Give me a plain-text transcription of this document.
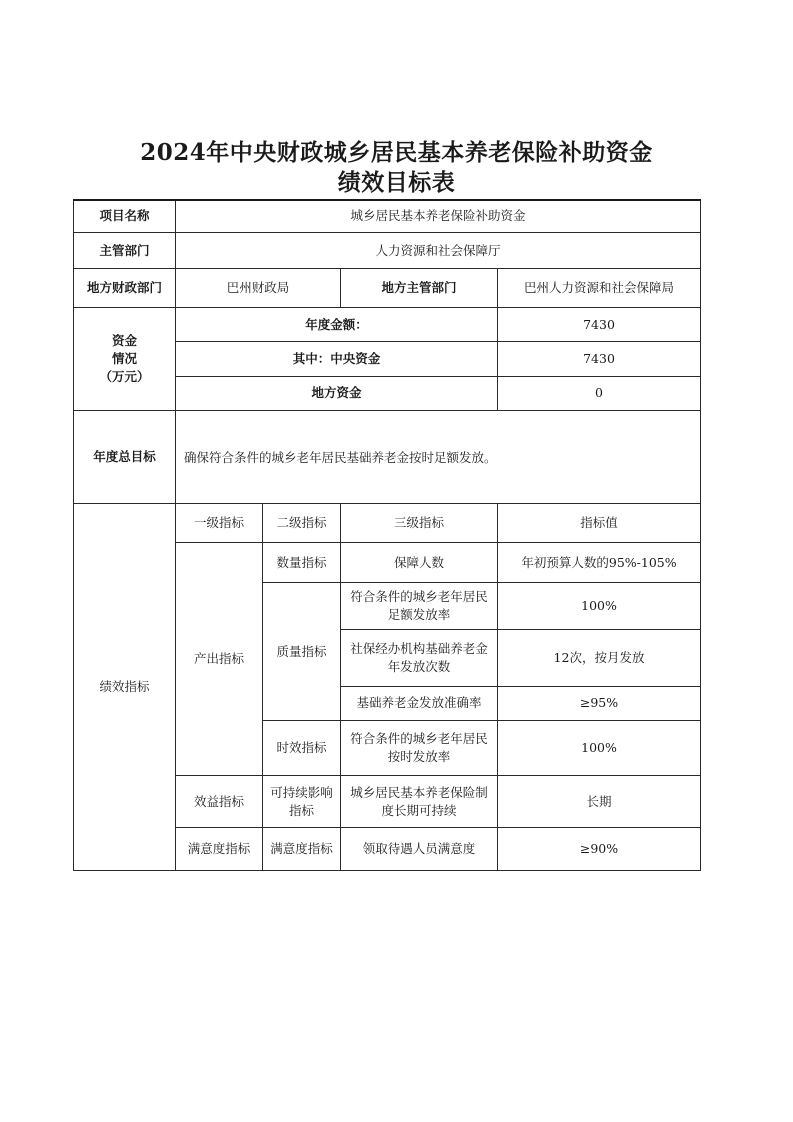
2024年中央财政城乡居民基本养老保险补助资金
绩效目标表
项目名称	城乡居民基本养老保险补助资金			
主管部门	人力资源和社会保障厅			
地方财政部门	巴州财政局		地方主管部门	巴州人力资源和社会保障局

资金
情况
（万元）	年度金额：			7430
	其中：中央资金			7430
	地方资金			0
年度总目标	确保符合条件的城乡老年居民基础养老金按时足额发放。			
绩效指标	一级指标	二级指标	三级指标	指标值
	产出指标	数量指标	保障人数	年初预算人数的95%-105%
		质量指标	符合条件的城乡老年居民足额发放率	100%
			社保经办机构基础养老金年发放次数	12次，按月发放
			基础养老金发放准确率	≥95%
		时效指标	符合条件的城乡老年居民按时发放率	100%
	效益指标	可持续影响指标	城乡居民基本养老保险制度长期可持续	长期
	满意度指标	满意度指标	领取待遇人员满意度	≥90%
